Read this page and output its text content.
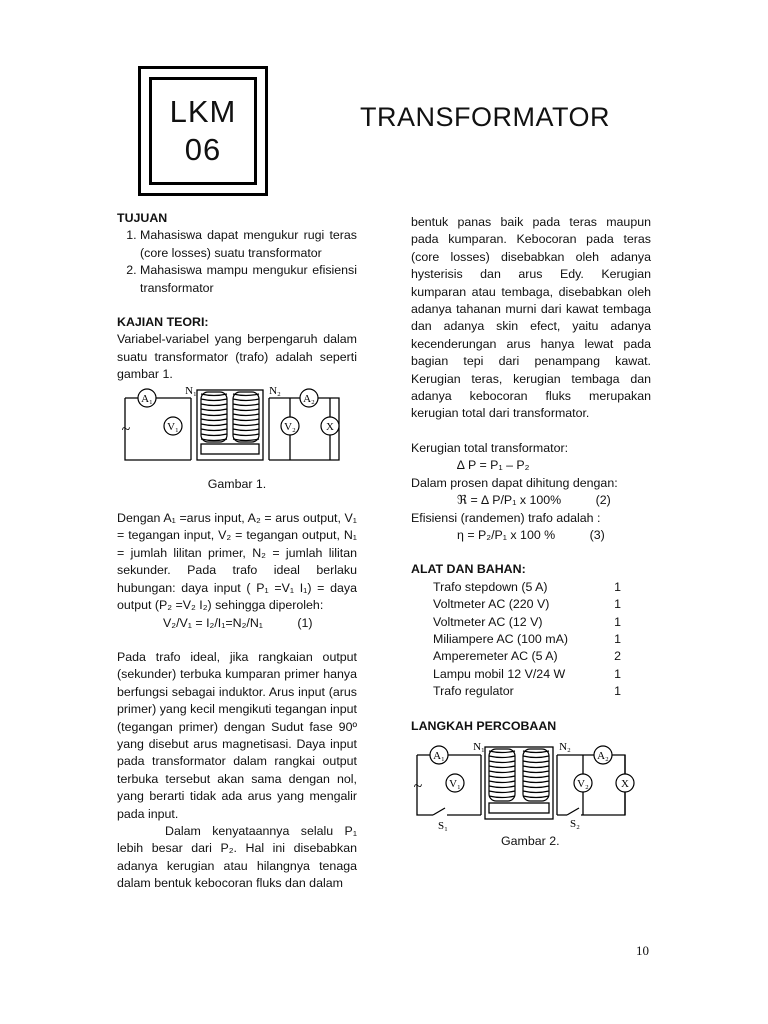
LKM
06
TRANSFORMATOR
TUJUAN
1. Mahasiswa dapat mengukur rugi teras (core losses) suatu transformator
2. Mahasiswa mampu mengukur efisiensi transformator
KAJIAN TEORI:
Variabel-variabel yang berpengaruh dalam suatu transformator (trafo) adalah seperti gambar 1.
A₁
V₁	V₂
A₂
X
N₁	N₂
~
Gambar 1.
Dengan A₁ =arus input, A₂ = arus output, V₁ = tegangan input, V₂ = tegangan output, N₁ = jumlah lilitan primer, N₂ = jumlah lilitan sekunder. Pada trafo ideal berlaku hubungan: daya input ( P₁ =V₁ I₁) = daya output (P₂ =V₂ I₂) sehingga diperoleh:
V₂/V₁ = I₂/I₁=N₂/N₁          (1)
Pada trafo ideal, jika rangkaian output (sekunder) terbuka kumparan primer hanya berfungsi sebagai induktor. Arus input (arus primer) yang kecil mengikuti tegangan input (tegangan primer) dengan Sudut fase 90º yang disebut arus magnetisasi. Daya input pada transformator dalam rangkai output terbuka tersebut akan sama dengan nol, yang berarti tidak ada arus yang mengalir pada input.
Dalam kenyataannya selalu P₁ lebih besar dari P₂. Hal ini disebabkan adanya kerugian atau hilangnya tenaga dalam bentuk kebocoran fluks dan dalam
bentuk panas baik pada teras maupun pada kumparan. Kebocoran pada teras (core losses) disebabkan oleh adanya hysterisis dan arus Edy. Kerugian kumparan atau tembaga, disebabkan oleh adanya tahanan murni dari kawat tembaga dan adanya skin efect, yaitu adanya kecenderungan arus hanya lewat pada bagian tepi dari penampang kawat. Kerugian teras, kerugian tembaga dan adanya kebocoran fluks merupakan kerugian total dari transformator.
Kerugian total transformator:
∆ P = P₁ – P₂
Dalam prosen dapat dihitung dengan:
ℜ = ∆ P/P₁ x 100%          (2)
Efisiensi (randemen) trafo adalah :
η = P₂/P₁ x 100 %          (3)
ALAT DAN BAHAN:
Trafo stepdown (5 A)	1
Voltmeter AC (220 V)	1
Voltmeter AC (12 V)	1
Miliampere AC (100 mA)	1
Amperemeter AC (5 A)	2
Lampu mobil 12 V/24 W	1
Trafo regulator	1
LANGKAH PERCOBAAN
A₁
V₁	V₂
A₂
X
N₁	N₂
S₁	S₂
~
Gambar 2.
10
